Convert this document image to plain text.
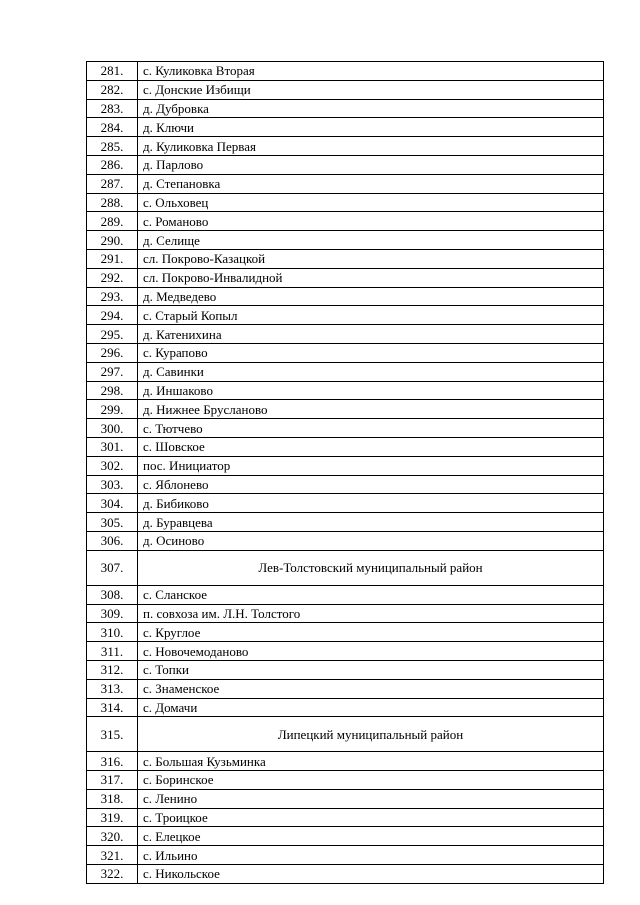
281.	с. Куликовка Вторая
282.	с. Донские Избищи
283.	д. Дубровка
284.	д. Ключи
285.	д. Куликовка Первая
286.	д. Парлово
287.	д. Степановка
288.	с. Ольховец
289.	с. Романово
290.	д. Селище
291.	сл. Покрово-Казацкой
292.	сл. Покрово-Инвалидной
293.	д. Медведево
294.	с. Старый Копыл
295.	д. Катенихина
296.	с. Курапово
297.	д. Савинки
298.	д. Иншаково
299.	д. Нижнее Брусланово
300.	с. Тютчево
301.	с. Шовское
302.	пос. Инициатор
303.	с. Яблонево
304.	д. Бибиково
305.	д. Буравцева
306.	д. Осиново
307.	Лев-Толстовский муниципальный район
308.	с. Сланское
309.	п. совхоза им. Л.Н. Толстого
310.	с. Круглое
311.	с. Новочемоданово
312.	с. Топки
313.	с. Знаменское
314.	с. Домачи
315.	Липецкий муниципальный район
316.	с. Большая Кузьминка
317.	с. Боринское
318.	с. Ленино
319.	с. Троицкое
320.	с. Елецкое
321.	с. Ильино
322.	с. Никольское
